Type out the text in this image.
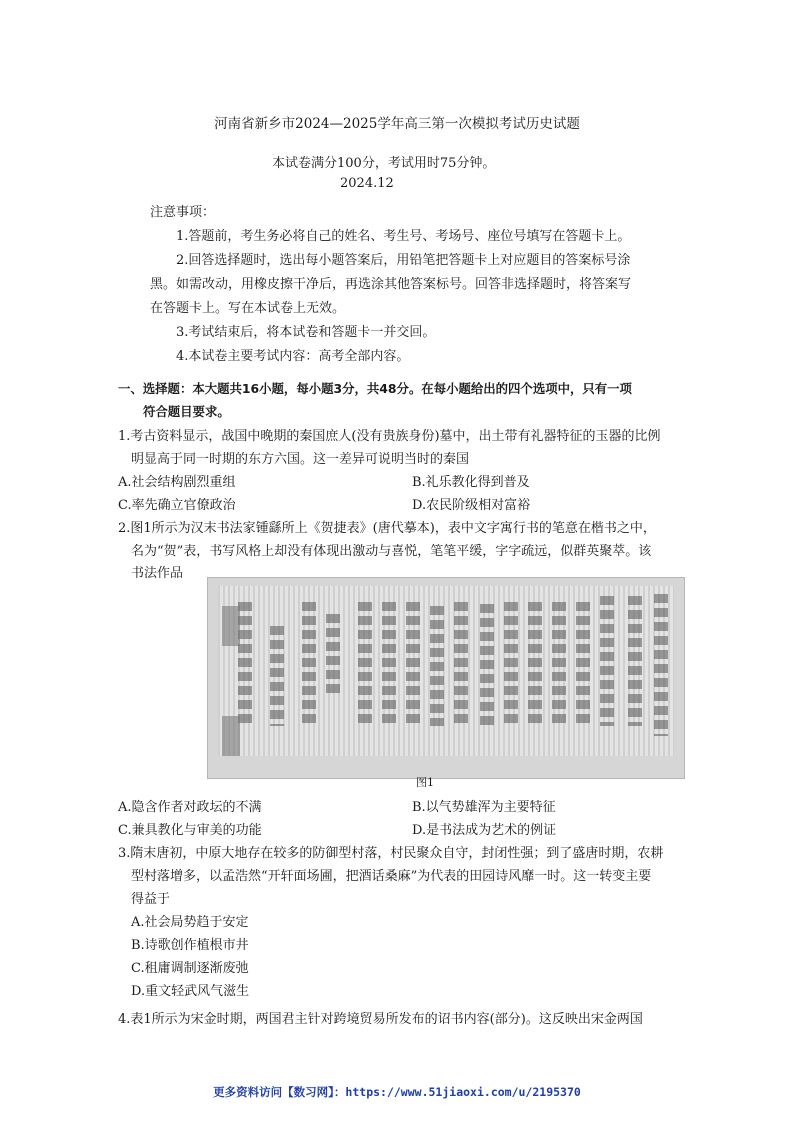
河南省新乡市2024—2025学年高三第一次模拟考试历史试题
本试卷满分100分，考试用时75分钟。
2024.12
注意事项：
1.答题前，考生务必将自己的姓名、考生号、考场号、座位号填写在答题卡上。
2.回答选择题时，选出每小题答案后，用铅笔把答题卡上对应题目的答案标号涂
黑。如需改动，用橡皮擦干净后，再选涂其他答案标号。回答非选择题时，将答案写
在答题卡上。写在本试卷上无效。
3.考试结束后，将本试卷和答题卡一并交回。
4.本试卷主要考试内容：高考全部内容。
一、选择题：本大题共16小题，每小题3分，共48分。在每小题给出的四个选项中，只有一项
符合题目要求。
1.考古资料显示，战国中晚期的秦国庶人(没有贵族身份)墓中，出土带有礼器特征的玉器的比例
明显高于同一时期的东方六国。这一差异可说明当时的秦国
A.社会结构剧烈重组	B.礼乐教化得到普及
C.率先确立官僚政治	D.农民阶级相对富裕
2.图1所示为汉末书法家锺繇所上《贺捷表》(唐代摹本)，表中文字寓行书的笔意在楷书之中，
名为“贺”表，书写风格上却没有体现出激动与喜悦，笔笔平缓，字字疏远，似群英聚萃。该
书法作品
图1
A.隐含作者对政坛的不满	B.以气势雄浑为主要特征
C.兼具教化与审美的功能	D.是书法成为艺术的例证
3.隋末唐初，中原大地存在较多的防御型村落，村民聚众自守，封闭性强；到了盛唐时期，农耕
型村落增多，以孟浩然“开轩面场圃，把酒话桑麻”为代表的田园诗风靡一时。这一转变主要
得益于
A.社会局势趋于安定
B.诗歌创作植根市井
C.租庸调制逐渐废弛
D.重文轻武风气滋生
4.表1所示为宋金时期，两国君主针对跨境贸易所发布的诏书内容(部分)。这反映出宋金两国
更多资料访问【数习网】：https://www.51jiaoxi.com/u/2195370
